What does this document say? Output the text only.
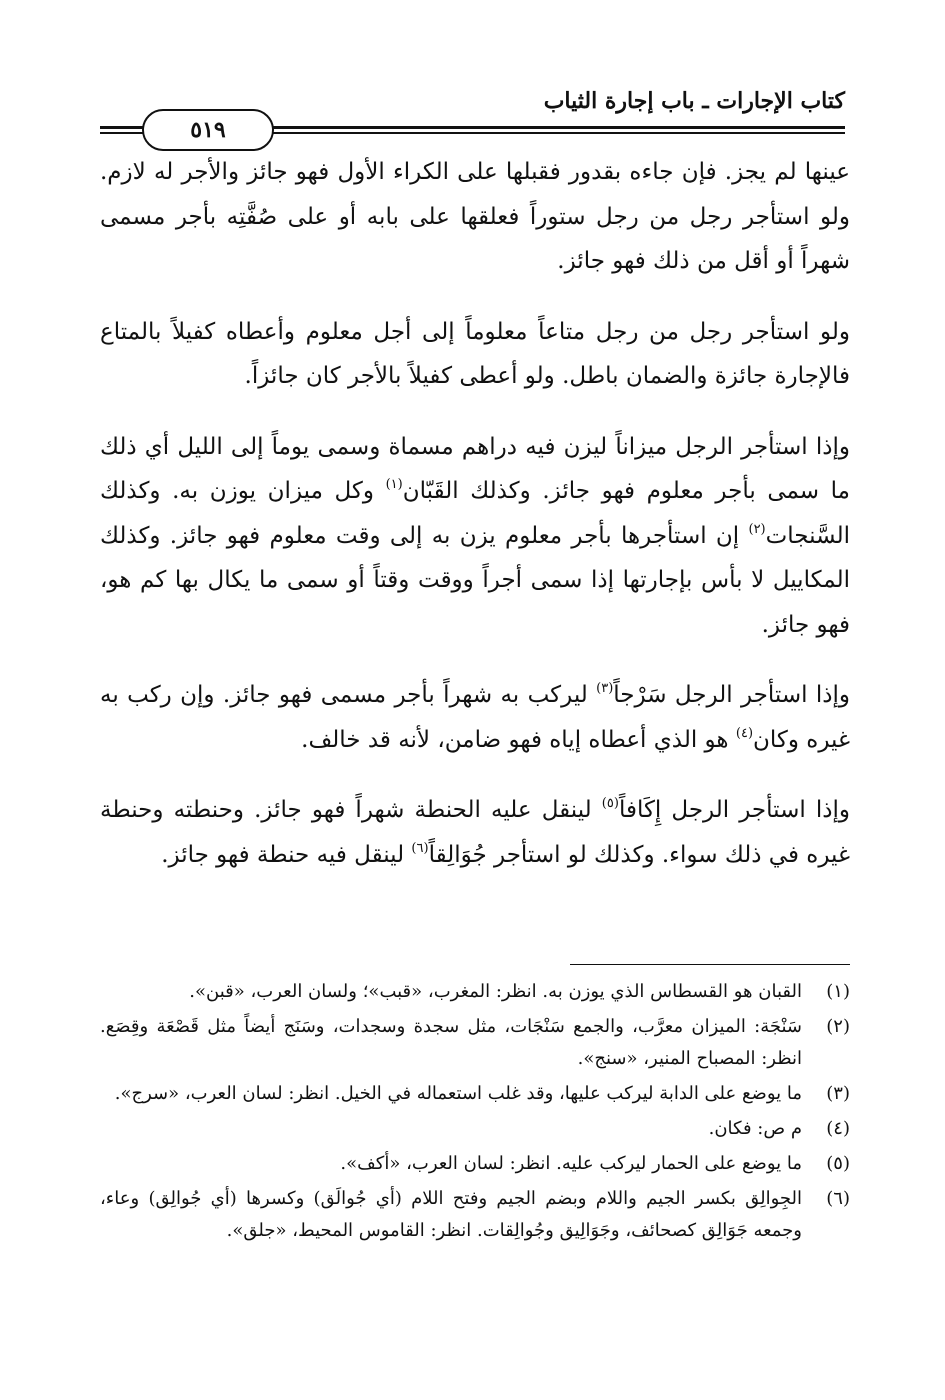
كتاب الإجارات ـ باب إجارة الثياب
٥١٩

عينها لم يجز. فإن جاءه بقدور فقبلها على الكراء الأول فهو جائز والأجر له لازم. ولو استأجر رجل من رجل ستوراً فعلقها على بابه أو على صُفَّتِه بأجر مسمى شهراً أو أقل من ذلك فهو جائز.

ولو استأجر رجل من رجل متاعاً معلوماً إلى أجل معلوم وأعطاه كفيلاً بالمتاع فالإجارة جائزة والضمان باطل. ولو أعطى كفيلاً بالأجر كان جائزاً.

وإذا استأجر الرجل ميزاناً ليزن فيه دراهم مسماة وسمى يوماً إلى الليل أي ذلك ما سمى بأجر معلوم فهو جائز. وكذلك القَبّان$^{(١)}$ وكل ميزان يوزن به. وكذلك السَّنجات$^{(٢)}$ إن استأجرها بأجر معلوم يزن به إلى وقت معلوم فهو جائز. وكذلك المكاييل لا بأس بإجارتها إذا سمى أجراً ووقت وقتاً أو سمى ما يكال بها كم هو، فهو جائز.

وإذا استأجر الرجل سَرْجاً$^{(٣)}$ ليركب به شهراً بأجر مسمى فهو جائز. وإن ركب به غيره وكان$^{(٤)}$ هو الذي أعطاه إياه فهو ضامن، لأنه قد خالف.

وإذا استأجر الرجل إِكَافاً$^{(٥)}$ لينقل عليه الحنطة شهراً فهو جائز. وحنطته وحنطة غيره في ذلك سواء. وكذلك لو استأجر جُوَالِقاً$^{(٦)}$ لينقل فيه حنطة فهو جائز.

(١)
القبان هو القسطاس الذي يوزن به. انظر: المغرب، «قبب»؛ ولسان العرب، «قبن».
(٢)
سَنْجَة: الميزان معرَّب، والجمع سَنْجَات، مثل سجدة وسجدات، وسَنَج أيضاً مثل قَصْعَة وقِصَع. انظر: المصباح المنير، «سنج».
(٣)
ما يوضع على الدابة ليركب عليها، وقد غلب استعماله في الخيل. انظر: لسان العرب، «سرج».
(٤)
م ص: فكان.
(٥)
ما يوضع على الحمار ليركب عليه. انظر: لسان العرب، «أكف».
(٦)
الجِوالِق بكسر الجيم واللام وبضم الجيم وفتح اللام (أي جُوالَق) وكسرها (أي جُوالِق) وعاء، وجمعه جَوَالِق كصحائف، وجَوَالِيق وجُوالِقات. انظر: القاموس المحيط، «جلق».
